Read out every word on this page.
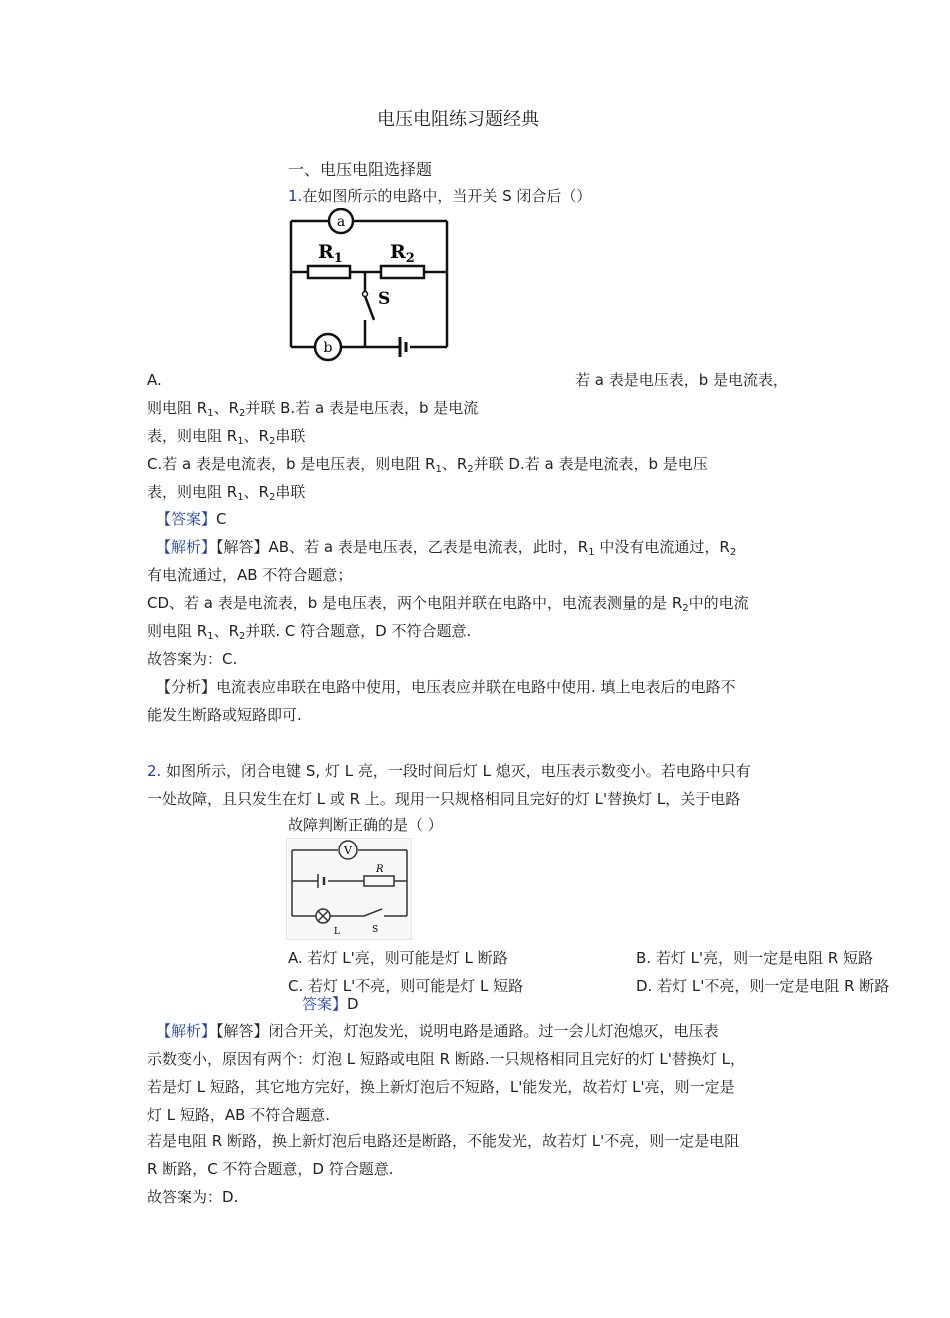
电压电阻练习题经典
一、电压电阻选择题
1.在如图所示的电路中，当开关 S 闭合后（）
a
b
$R_1$ $R_2$
S
A.	若 a 表是电压表，b 是电流表，
则电阻 $R_1$、$R_2$并联 B.若 a 表是电压表，b 是电流
表，则电阻 $R_1$、$R_2$串联
C.若 a 表是电流表，b 是电压表，则电阻 $R_1$、$R_2$并联 D.若 a 表是电流表，b 是电压
表，则电阻 $R_1$、$R_2$串联
【答案】C
【解析】【解答】AB、若 a 表是电压表，乙表是电流表，此时，$R_1$ 中没有电流通过，$R_2$
有电流通过，AB 不符合题意；
CD、若 a 表是电流表，b 是电压表，两个电阻并联在电路中，电流表测量的是 $R_2$中的电流
则电阻 $R_1$、$R_2$并联. C 符合题意，D 不符合题意.
故答案为：C.
【分析】电流表应串联在电路中使用，电压表应并联在电路中使用. 填上电表后的电路不
能发生断路或短路即可.
2. 如图所示，闭合电键 S, 灯 L 亮，一段时间后灯 L 熄灭，电压表示数变小。若电路中只有
一处故障，且只发生在灯 L 或 R 上。现用一只规格相同且完好的灯 L'替换灯 L，关于电路
故障判断正确的是（ ）
V
R
L	S
A. 若灯 L'亮，则可能是灯 L 断路	B. 若灯 L'亮，则一定是电阻 R 短路
C. 若灯 L'不亮，则可能是灯 L 短路	D. 若灯 L'不亮，则一定是电阻 R 断路
答案】D
【解析】【解答】闭合开关，灯泡发光，说明电路是通路。过一会儿灯泡熄灭，电压表
示数变小，原因有两个：灯泡 L 短路或电阻 R 断路.一只规格相同且完好的灯 L'替换灯 L，
若是灯 L 短路，其它地方完好，换上新灯泡后不短路，L'能发光，故若灯 L'亮，则一定是
灯 L 短路，AB 不符合题意.
若是电阻 R 断路，换上新灯泡后电路还是断路，不能发光，故若灯 L'不亮，则一定是电阻
R 断路，C 不符合题意，D 符合题意.
故答案为：D.
